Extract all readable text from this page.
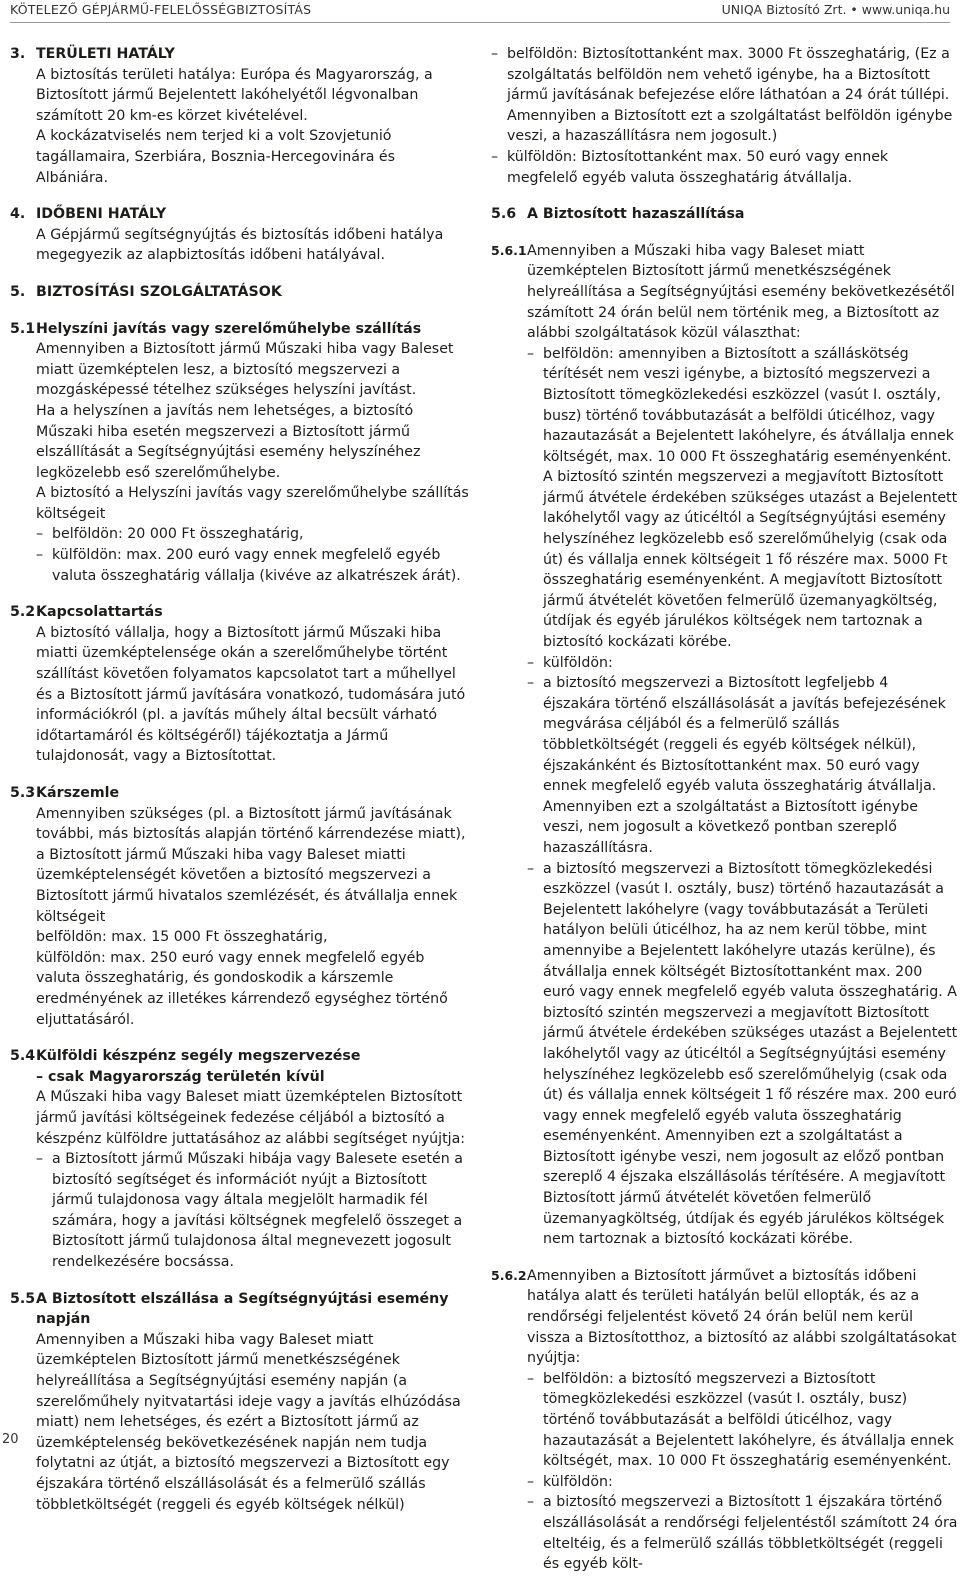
KÖTELEZŐ GÉPJÁRMŰ-FELELŐSSÉGBIZTOSÍTÁS	UNIQA Biztosító Zrt. • www.uniqa.hu
3. TERÜLETI HATÁLY

A biztosítás területi hatálya: Európa és Magyarország, a Biztosított jármű Bejelentett lakóhelyétől légvonalban számított 20 km-es körzet kivételével.

A kockázatviselés nem terjed ki a volt Szovjetunió tagállamaira, Szerbiára, Bosznia-Hercegovinára és Albániára.

4. IDŐBENI HATÁLY

A Gépjármű segítségnyújtás és biztosítás időbeni hatálya megegyezik az alapbiztosítás időbeni hatályával.

5. BIZTOSÍTÁSI SZOLGÁLTATÁSOK

5.1 Helyszíni javítás vagy szerelőműhelybe szállítás

Amennyiben a Biztosított jármű Műszaki hiba vagy Baleset miatt üzemképtelen lesz, a biztosító megszervezi a mozgásképessé tételhez szükséges helyszíni javítást.

Ha a helyszínen a javítás nem lehetséges, a biztosító Műszaki hiba esetén megszervezi a Biztosított jármű elszállítását a Segítségnyújtási esemény helyszínéhez legközelebb eső szerelőműhelybe.

A biztosító a Helyszíni javítás vagy szerelőműhelybe szállítás költségeit

– belföldön: 20 000 Ft összeghatárig,

– külföldön: max. 200 euró vagy ennek megfelelő egyéb valuta összeghatárig vállalja (kivéve az alkatrészek árát).

5.2 Kapcsolattartás

A biztosító vállalja, hogy a Biztosított jármű Műszaki hiba miatti üzemképtelensége okán a szerelőműhelybe történt szállítást követően folyamatos kapcsolatot tart a műhellyel és a Biztosított jármű javítására vonatkozó, tudomására jutó információkról (pl. a javítás műhely által becsült várható időtartamáról és költségéről) tájékoztatja a Jármű tulajdonosát, vagy a Biztosítottat.

5.3 Kárszemle

Amennyiben szükséges (pl. a Biztosított jármű javításának további, más biztosítás alapján történő kárrendezése miatt), a Biztosított jármű Műszaki hiba vagy Baleset miatti üzemképtelenségét követően a biztosító megszervezi a Biztosított jármű hivatalos szemlézését, és átvállalja ennek költségeit

belföldön: max. 15 000 Ft összeghatárig,

külföldön: max. 250 euró vagy ennek megfelelő egyéb valuta összeghatárig, és gondoskodik a kárszemle eredményének az illetékes kárrendező egységhez történő eljuttatásáról.

5.4 Külföldi készpénz segély megszervezése

– csak Magyarország területén kívül

A Műszaki hiba vagy Baleset miatt üzemképtelen Biztosított jármű javítási költségeinek fedezése céljából a biztosító a készpénz külföldre juttatásához az alábbi segítséget nyújtja:

– a Biztosított jármű Műszaki hibája vagy Balesete esetén a biztosító segítséget és információt nyújt a Biztosított jármű tulajdonosa vagy általa megjelölt harmadik fél számára, hogy a javítási költségnek megfelelő összeget a Biztosított jármű tulajdonosa által megnevezett jogosult rendelkezésére bocsássa.

5.5 A Biztosított elszállása a Segítségnyújtási esemény napján

Amennyiben a Műszaki hiba vagy Baleset miatt üzemképtelen Biztosított jármű menetkészségének helyreállítása a Segítségnyújtási esemény napján (a szerelőműhely nyitvatartási ideje vagy a javítás elhúzódása miatt) nem lehetséges, és ezért a Biztosított jármű az üzemképtelenség bekövetkezésének napján nem tudja folytatni az útját, a biztosító megszervezi a Biztosított egy éjszakára történő elszállásolását és a felmerülő szállás többletköltségét (reggeli és egyéb költségek nélkül)

– belföldön: Biztosítottanként max. 3000 Ft összeghatárig, (Ez a szolgáltatás belföldön nem vehető igénybe, ha a Biztosított jármű javításának befejezése előre láthatóan a 24 órát túllépi. Amennyiben a Biztosított ezt a szolgáltatást belföldön igénybe veszi, a hazaszállításra nem jogosult.)

– külföldön: Biztosítottanként max. 50 euró vagy ennek megfelelő egyéb valuta összeghatárig átvállalja.

5.6 A Biztosított hazaszállítása

5.6.1 Amennyiben a Műszaki hiba vagy Baleset miatt üzemképtelen Biztosított jármű menetkészségének helyreállítása a Segítségnyújtási esemény bekövetkezésétől számított 24 órán belül nem történik meg, a Biztosított az alábbi szolgáltatások közül választhat:

– belföldön: amennyiben a Biztosított a szálláskötség térítését nem veszi igénybe, a biztosító megszervezi a Biztosított tömegközlekedési eszközzel (vasút I. osztály, busz) történő továbbutazását a belföldi úticélhoz, vagy hazautazását a Bejelentett lakóhelyre, és átvállalja ennek költségét, max. 10 000 Ft összeghatárig eseményenként. A biztosító szintén megszervezi a megjavított Biztosított jármű átvétele érdekében szükséges utazást a Bejelentett lakóhelytől vagy az úticéltól a Segítségnyújtási esemény helyszínéhez legközelebb eső szerelőműhelyig (csak oda út) és vállalja ennek költségeit 1 fő részére max. 5000 Ft összeghatárig eseményenként. A megjavított Biztosított jármű átvételét követően felmerülő üzemanyagköltség, útdíjak és egyéb járulékos költségek nem tartoznak a biztosító kockázati körébe.

– külföldön:

– a biztosító megszervezi a Biztosított legfeljebb 4 éjszakára történő elszállásolását a javítás befejezésének megvárása céljából és a felmerülő szállás többletköltségét (reggeli és egyéb költségek nélkül), éjszakánként és Biztosítottanként max. 50 euró vagy ennek megfelelő egyéb valuta összeghatárig átvállalja. Amennyiben ezt a szolgáltatást a Biztosított igénybe veszi, nem jogosult a következő pontban szereplő hazaszállításra.

– a biztosító megszervezi a Biztosított tömegközlekedési eszközzel (vasút I. osztály, busz) történő hazautazását a Bejelentett lakóhelyre (vagy továbbutazását a Területi hatályon belüli úticélhoz, ha az nem kerül többe, mint amennyibe a Bejelentett lakóhelyre utazás kerülne), és átvállalja ennek költségét Biztosítottanként max. 200 euró vagy ennek megfelelő egyéb valuta összeghatárig. A biztosító szintén megszervezi a megjavított Biztosított jármű átvétele érdekében szükséges utazást a Bejelentett lakóhelytől vagy az úticéltól a Segítségnyújtási esemény helyszínéhez legközelebb eső szerelőműhelyig (csak oda út) és vállalja ennek költségeit 1 fő részére max. 200 euró vagy ennek megfelelő egyéb valuta összeghatárig eseményenként. Amennyiben ezt a szolgáltatást a Biztosított igénybe veszi, nem jogosult az előző pontban szereplő 4 éjszaka elszállásolás térítésére. A megjavított Biztosított jármű átvételét követően felmerülő üzemanyagköltség, útdíjak és egyéb járulékos költségek nem tartoznak a biztosító kockázati körébe.

5.6.2 Amennyiben a Biztosított járművet a biztosítás időbeni hatálya alatt és területi hatályán belül ellopták, és az a rendőrségi feljelentést követő 24 órán belül nem kerül vissza a Biztosítotthoz, a biztosító az alábbi szolgáltatásokat nyújtja:

– belföldön: a biztosító megszervezi a Biztosított tömegközlekedési eszközzel (vasút I. osztály, busz) történő továbbutazását a belföldi úticélhoz, vagy hazautazását a Bejelentett lakóhelyre, és átvállalja ennek költségét, max. 10 000 Ft összeghatárig eseményenként.

– külföldön:

– a biztosító megszervezi a Biztosított 1 éjszakára történő elszállásolását a rendőrségi feljelentéstől számított 24 óra elteltéig, és a felmerülő szállás többletköltségét (reggeli és egyéb költ-

20
